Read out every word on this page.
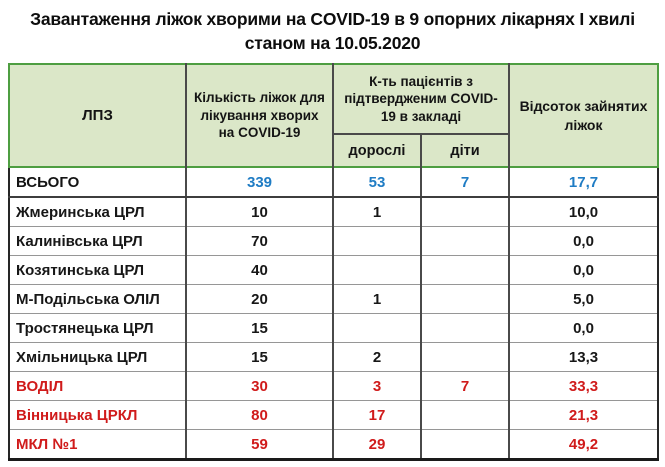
Завантаження ліжок хворими на COVID-19 в 9 опорних лікарнях І хвилі
станом на 10.05.2020
ЛПЗ	Кількість ліжок для лікування хворих на COVID-19	К-ть пацієнтів з підтвердженим COVID-19 в закладі		Відсоток зайнятих ліжок
		дорослі	діти	
ВСЬОГО	339	53	7	17,7
Жмеринська ЦРЛ	10	1		10,0
Калинівська ЦРЛ	70			0,0
Козятинська ЦРЛ	40			0,0
М-Подільська ОЛІЛ	20	1		5,0
Тростянецька ЦРЛ	15			0,0
Хмільницька ЦРЛ	15	2		13,3
ВОДІЛ	30	3	7	33,3
Вінницька ЦРКЛ	80	17		21,3
МКЛ №1	59	29		49,2
